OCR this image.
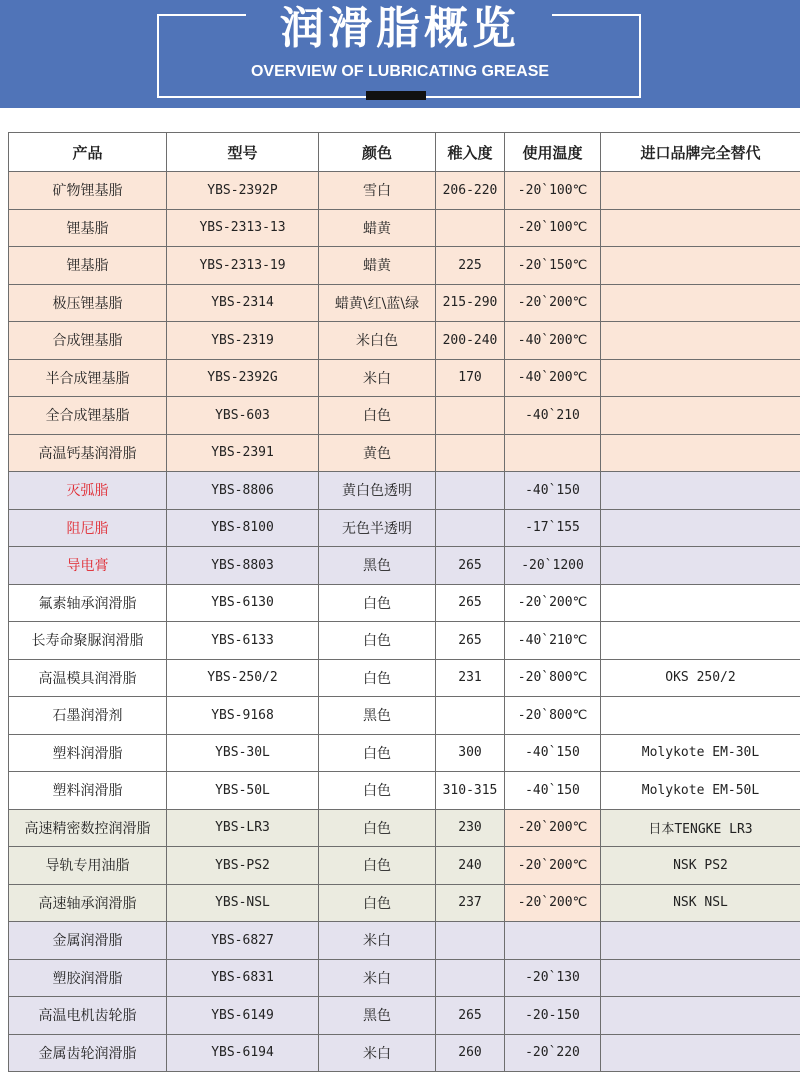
润滑脂概览
OVERVIEW OF LUBRICATING GREASE
产品	型号	颜色	稚入度	使用温度	进口品牌完全替代
矿物锂基脂	YBS-2392P	雪白	206-220	-20`100℃	
锂基脂	YBS-2313-13	蜡黄		-20`100℃	
锂基脂	YBS-2313-19	蜡黄	225	-20`150℃	
极压锂基脂	YBS-2314	蜡黄\红\蓝\绿	215-290	-20`200℃	
合成锂基脂	YBS-2319	米白色	200-240	-40`200℃	
半合成锂基脂	YBS-2392G	米白	170	-40`200℃	
全合成锂基脂	YBS-603	白色		-40`210	
高温钙基润滑脂	YBS-2391	黄色			
灭弧脂	YBS-8806	黄白色透明		-40`150	
阻尼脂	YBS-8100	无色半透明		-17`155	
导电膏	YBS-8803	黑色	265	-20`1200	
氟素轴承润滑脂	YBS-6130	白色	265	-20`200℃	
长寿命聚脲润滑脂	YBS-6133	白色	265	-40`210℃	
高温模具润滑脂	YBS-250/2	白色	231	-20`800℃	OKS 250/2
石墨润滑剂	YBS-9168	黑色		-20`800℃	
塑料润滑脂	YBS-30L	白色	300	-40`150	Molykote EM-30L
塑料润滑脂	YBS-50L	白色	310-315	-40`150	Molykote EM-50L
高速精密数控润滑脂	YBS-LR3	白色	230	-20`200℃	日本TENGKE LR3
导轨专用油脂	YBS-PS2	白色	240	-20`200℃	NSK PS2
高速轴承润滑脂	YBS-NSL	白色	237	-20`200℃	NSK NSL
金属润滑脂	YBS-6827	米白			
塑胶润滑脂	YBS-6831	米白		-20`130	
高温电机齿轮脂	YBS-6149	黑色	265	-20-150	
金属齿轮润滑脂	YBS-6194	米白	260	-20`220	
